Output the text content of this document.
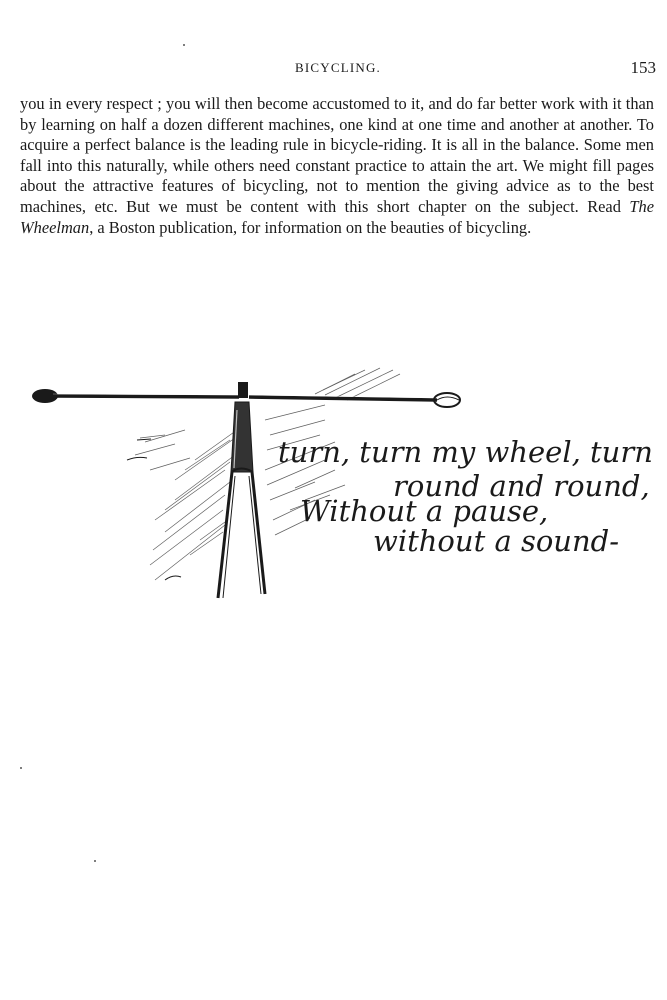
BICYCLING.	153

you in every respect ; you will then become accustomed to it, and do far better work with it than by learning on half a dozen different machines, one kind at one time and another at another. To acquire a perfect balance is the leading rule in bicycle-riding. It is all in the balance. Some men fall into this naturally, while others need constant practice to attain the art. We might fill pages about the attractive features of bicycling, not to mention the giving advice as to the best machines, etc. But we must be content with this short chapter on the subject. Read The Wheelman, a Boston publication, for information on the beauties of bicycling.

turn, turn my wheel, turn
round and round,
Without a pause,
without a sound-
